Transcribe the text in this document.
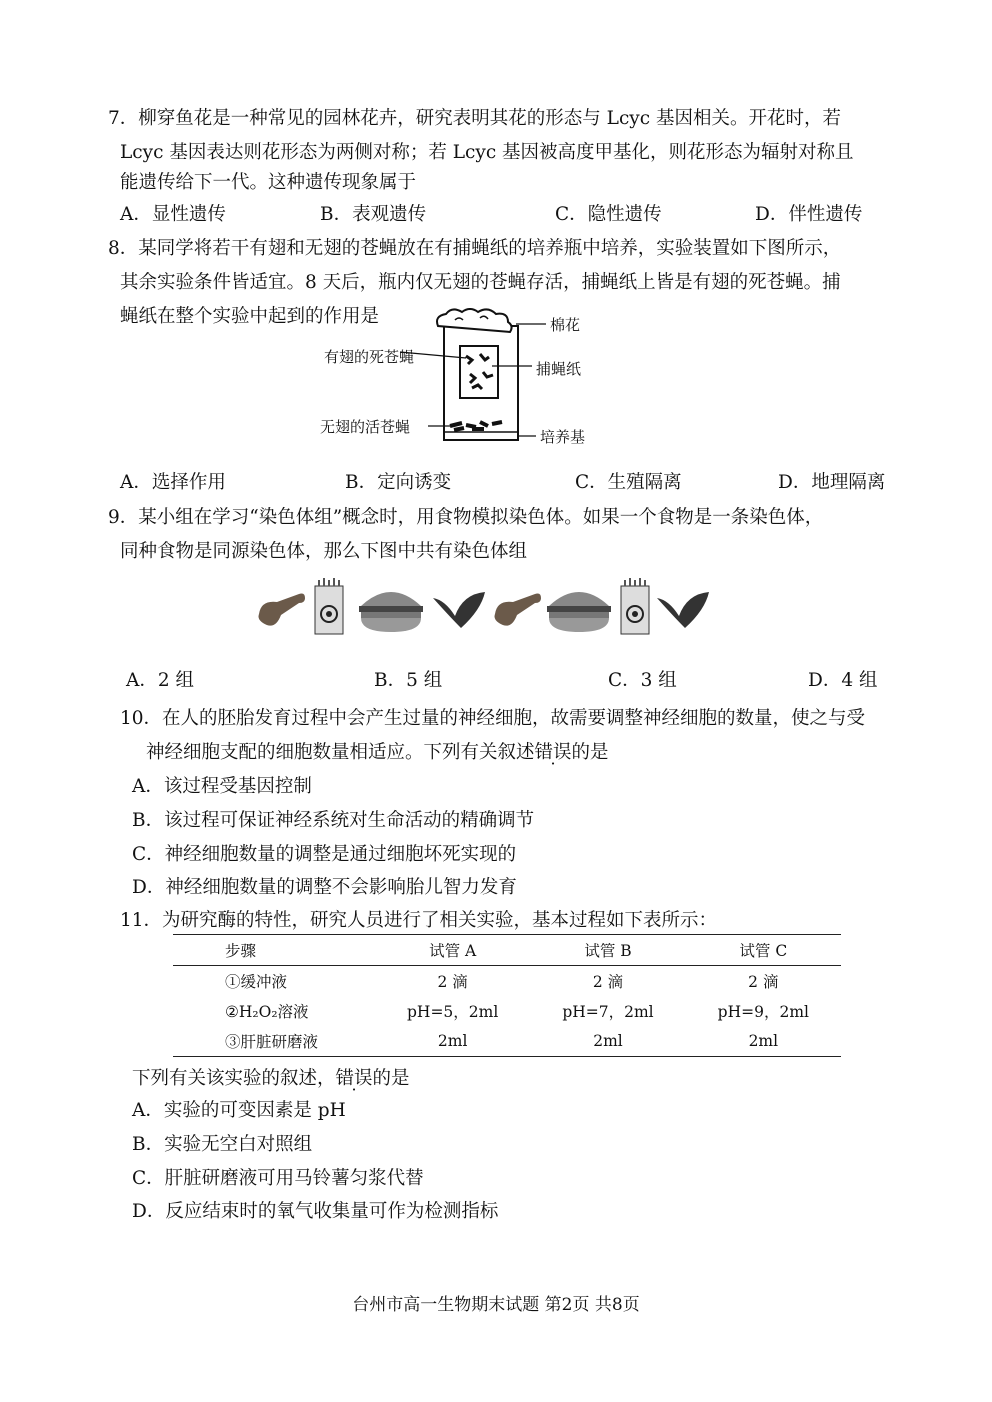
7．柳穿鱼花是一种常见的园林花卉，研究表明其花的形态与 Lcyc 基因相关。开花时，若
Lcyc 基因表达则花形态为两侧对称；若 Lcyc 基因被高度甲基化，则花形态为辐射对称且
能遗传给下一代。这种遗传现象属于
A．显性遗传	B．表观遗传	C．隐性遗传	D．伴性遗传
8．某同学将若干有翅和无翅的苍蝇放在有捕蝇纸的培养瓶中培养，实验装置如下图所示，
其余实验条件皆适宜。8 天后，瓶内仅无翅的苍蝇存活，捕蝇纸上皆是有翅的死苍蝇。捕
蝇纸在整个实验中起到的作用是	棉花
有翅的死苍蝇
捕蝇纸
无翅的活苍蝇
培养基
A．选择作用	B．定向诱变	C．生殖隔离	D．地理隔离
9．某小组在学习“染色体组”概念时，用食物模拟染色体。如果一个食物是一条染色体，
同种食物是同源染色体，那么下图中共有染色体组
A．2 组	B．5 组	C．3 组	D．4 组
10．在人的胚胎发育过程中会产生过量的神经细胞，故需要调整神经细胞的数量，使之与受
神经细胞支配的细胞数量相适应。下列有关叙述错误的是
A．该过程受基因控制
B．该过程可保证神经系统对生命活动的精确调节
C．神经细胞数量的调整是通过细胞坏死实现的
D．神经细胞数量的调整不会影响胎儿智力发育
11．为研究酶的特性，研究人员进行了相关实验，基本过程如下表所示：
步骤	试管 A	试管 B	试管 C
①缓冲液	2 滴	2 滴	2 滴
②H₂O₂溶液	pH=5，2ml	pH=7，2ml	pH=9，2ml
③肝脏研磨液	2ml	2ml	2ml
下列有关该实验的叙述，错误的是
A．实验的可变因素是 pH
B．实验无空白对照组
C．肝脏研磨液可用马铃薯匀浆代替
D．反应结束时的氧气收集量可作为检测指标
台州市高一生物期末试题 第2页 共8页
